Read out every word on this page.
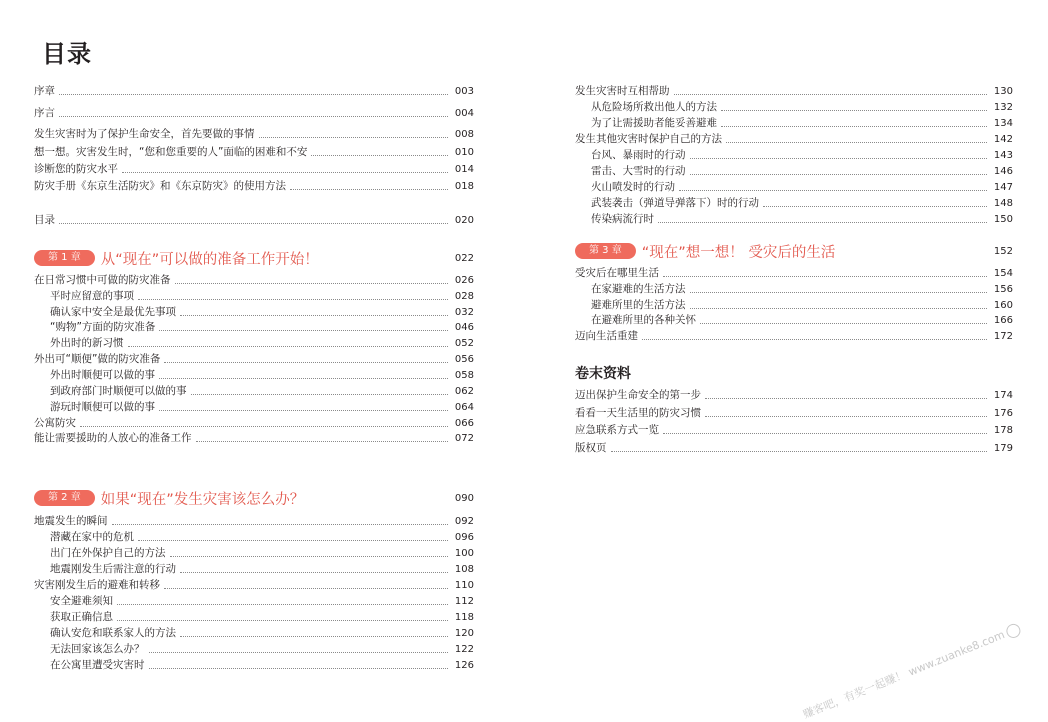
目录
序章	003
序言	004
发生灾害时为了保护生命安全，首先要做的事情	008
想一想。灾害发生时，“您和您重要的人”面临的困难和不安	010
诊断您的防灾水平	014
防灾手册《东京生活防灾》和《东京防灾》的使用方法	018
目录	020
第 1 章	从“现在”可以做的准备工作开始！	022
在日常习惯中可做的防灾准备	026
平时应留意的事项	028
确认家中安全是最优先事项	032
“购物”方面的防灾准备	046
外出时的新习惯	052
外出可“顺便”做的防灾准备	056
外出时顺便可以做的事	058
到政府部门时顺便可以做的事	062
游玩时顺便可以做的事	064
公寓防灾	066
能让需要援助的人放心的准备工作	072
第 2 章	如果“现在”发生灾害该怎么办？	090
地震发生的瞬间	092
潜藏在家中的危机	096
出门在外保护自己的方法	100
地震刚发生后需注意的行动	108
灾害刚发生后的避难和转移	110
安全避难须知	112
获取正确信息	118
确认安危和联系家人的方法	120
无法回家该怎么办？	122
在公寓里遭受灾害时	126
发生灾害时互相帮助	130
从危险场所救出他人的方法	132
为了让需援助者能妥善避难	134
发生其他灾害时保护自己的方法	142
台风、暴雨时的行动	143
雷击、大雪时的行动	146
火山喷发时的行动	147
武装袭击（弹道导弹落下）时的行动	148
传染病流行时	150
第 3 章	“现在”想一想！ 受灾后的生活	152
受灾后在哪里生活	154
在家避难的生活方法	156
避难所里的生活方法	160
在避难所里的各种关怀	166
迈向生活重建	172
卷末资料
迈出保护生命安全的第一步	174
看看一天生活里的防灾习惯	176
应急联系方式一览	178
版权页	179
赚客吧，有奖一起赚！ www.zuanke8.com
